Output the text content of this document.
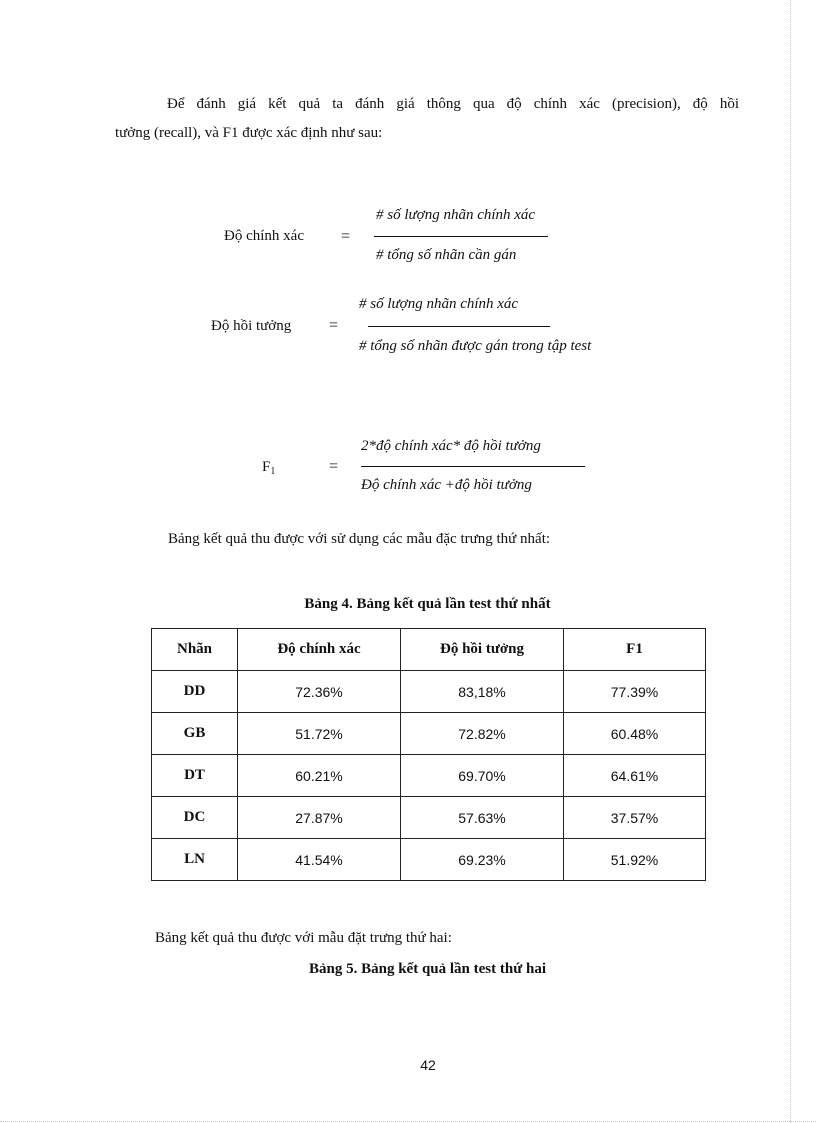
Để đánh giá kết quả ta đánh giá thông qua độ chính xác (precision), độ hồi
tưởng (recall), và F1 được xác định như sau:
Độ chính xác =
# số lượng nhãn chính xác
# tổng số nhãn cần gán
Độ hồi tưởng =
# số lượng nhãn chính xác
# tổng số nhãn được gán trong tập test
$F_1$	=
2*độ chính xác* độ hồi tưởng
Độ chính xác +độ hồi tưởng
Bảng kết quả thu được với sử dụng các mẫu đặc trưng thứ nhất:
Bảng 4. Bảng kết quả lần test thứ nhất
Nhãn	Độ chính xác	Độ hồi tưởng	F1
DD	72.36%	83,18%	77.39%
GB	51.72%	72.82%	60.48%
DT	60.21%	69.70%	64.61%
DC	27.87%	57.63%	37.57%
LN	41.54%	69.23%	51.92%
Bảng kết quả thu được với mẫu đặt trưng thứ hai:
Bảng 5. Bảng kết quả lần test thứ hai
42
